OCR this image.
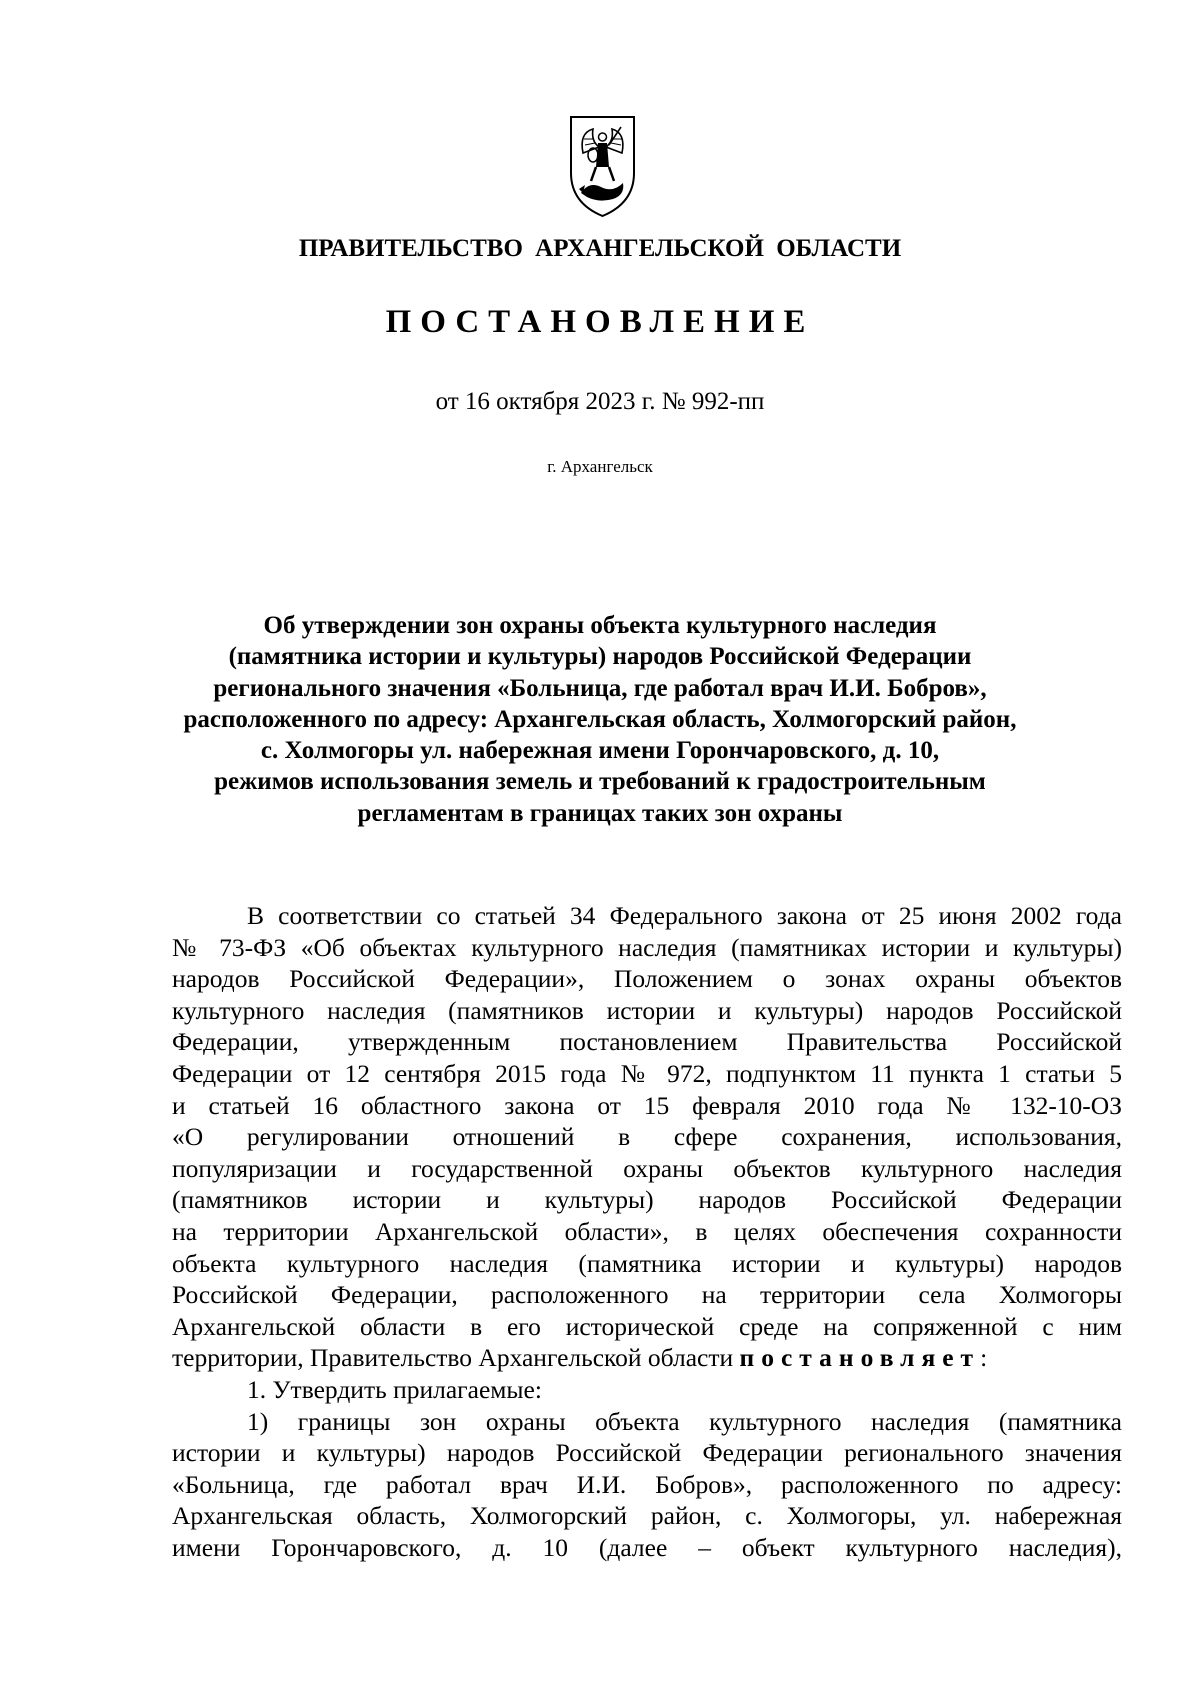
ПРАВИТЕЛЬСТВО АРХАНГЕЛЬСКОЙ ОБЛАСТИ
ПОСТАНОВЛЕНИЕ
от 16 октября 2023 г. № 992-пп
г. Архангельск
Об утверждении зон охраны объекта культурного наследия
(памятника истории и культуры) народов Российской Федерации
регионального значения «Больница, где работал врач И.И. Бобров»,
расположенного по адресу: Архангельская область, Холмогорский район,
с. Холмогоры ул. набережная имени Горончаровского, д. 10,
режимов использования земель и требований к градостроительным
регламентам в границах таких зон охраны
В соответствии со статьей 34 Федерального закона от 25 июня 2002 года
№ 73-ФЗ «Об объектах культурного наследия (памятниках истории и культуры)
народов Российской Федерации», Положением о зонах охраны объектов
культурного наследия (памятников истории и культуры) народов Российской
Федерации, утвержденным постановлением Правительства Российской
Федерации от 12 сентября 2015 года № 972, подпунктом 11 пункта 1 статьи 5
и статьей 16 областного закона от 15 февраля 2010 года № 132-10-ОЗ
«О регулировании отношений в сфере сохранения, использования,
популяризации и государственной охраны объектов культурного наследия
(памятников истории и культуры) народов Российской Федерации
на территории Архангельской области», в целях обеспечения сохранности
объекта культурного наследия (памятника истории и культуры) народов
Российской Федерации, расположенного на территории села Холмогоры
Архангельской области в его исторической среде на сопряженной с ним
территории, Правительство Архангельской области постановляет:
1. Утвердить прилагаемые:
1) границы зон охраны объекта культурного наследия (памятника
истории и культуры) народов Российской Федерации регионального значения
«Больница, где работал врач И.И. Бобров», расположенного по адресу:
Архангельская область, Холмогорский район, с. Холмогоры, ул. набережная
имени Горончаровского, д. 10 (далее – объект культурного наследия),
